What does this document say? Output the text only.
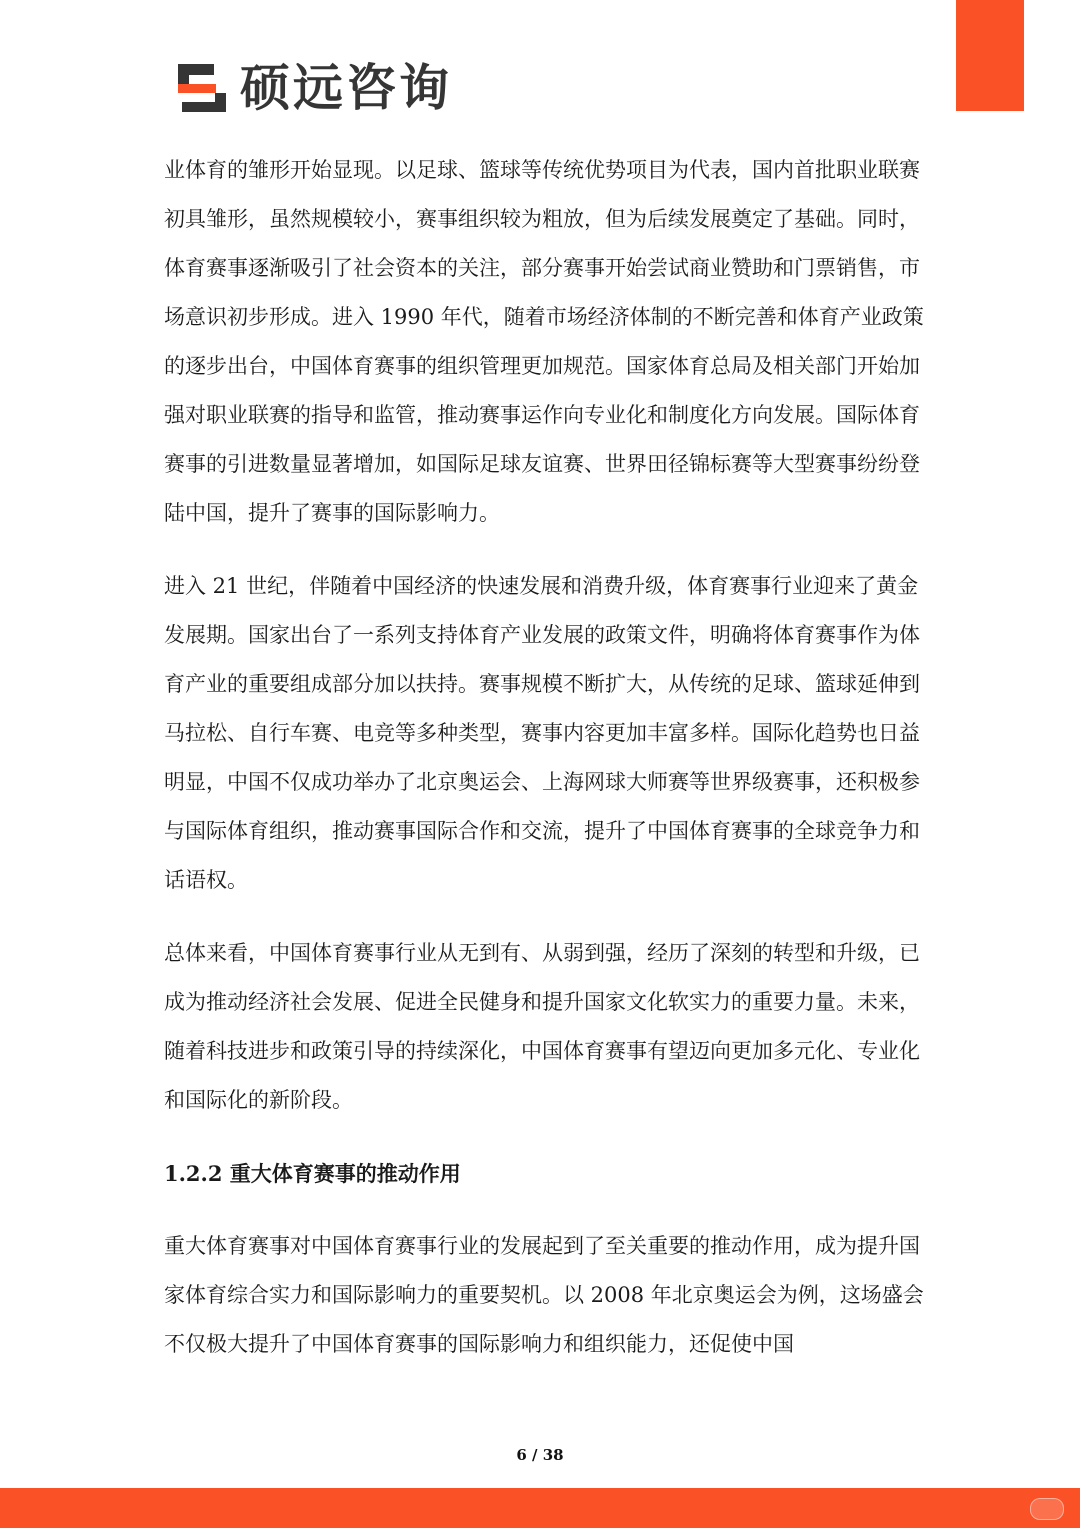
硕远咨询

业体育的雏形开始显现。以足球、篮球等传统优势项目为代表，国内首批职业联赛初具雏形，虽然规模较小，赛事组织较为粗放，但为后续发展奠定了基础。同时，体育赛事逐渐吸引了社会资本的关注，部分赛事开始尝试商业赞助和门票销售，市场意识初步形成。进入 1990 年代，随着市场经济体制的不断完善和体育产业政策的逐步出台，中国体育赛事的组织管理更加规范。国家体育总局及相关部门开始加强对职业联赛的指导和监管，推动赛事运作向专业化和制度化方向发展。国际体育赛事的引进数量显著增加，如国际足球友谊赛、世界田径锦标赛等大型赛事纷纷登陆中国，提升了赛事的国际影响力。

进入 21 世纪，伴随着中国经济的快速发展和消费升级，体育赛事行业迎来了黄金发展期。国家出台了一系列支持体育产业发展的政策文件，明确将体育赛事作为体育产业的重要组成部分加以扶持。赛事规模不断扩大，从传统的足球、篮球延伸到马拉松、自行车赛、电竞等多种类型，赛事内容更加丰富多样。国际化趋势也日益明显，中国不仅成功举办了北京奥运会、上海网球大师赛等世界级赛事，还积极参与国际体育组织，推动赛事国际合作和交流，提升了中国体育赛事的全球竞争力和话语权。

总体来看，中国体育赛事行业从无到有、从弱到强，经历了深刻的转型和升级，已成为推动经济社会发展、促进全民健身和提升国家文化软实力的重要力量。未来，随着科技进步和政策引导的持续深化，中国体育赛事有望迈向更加多元化、专业化和国际化的新阶段。

1.2.2 重大体育赛事的推动作用

重大体育赛事对中国体育赛事行业的发展起到了至关重要的推动作用，成为提升国家体育综合实力和国际影响力的重要契机。以 2008 年北京奥运会为例，这场盛会不仅极大提升了中国体育赛事的国际影响力和组织能力，还促使中国

6 / 38
